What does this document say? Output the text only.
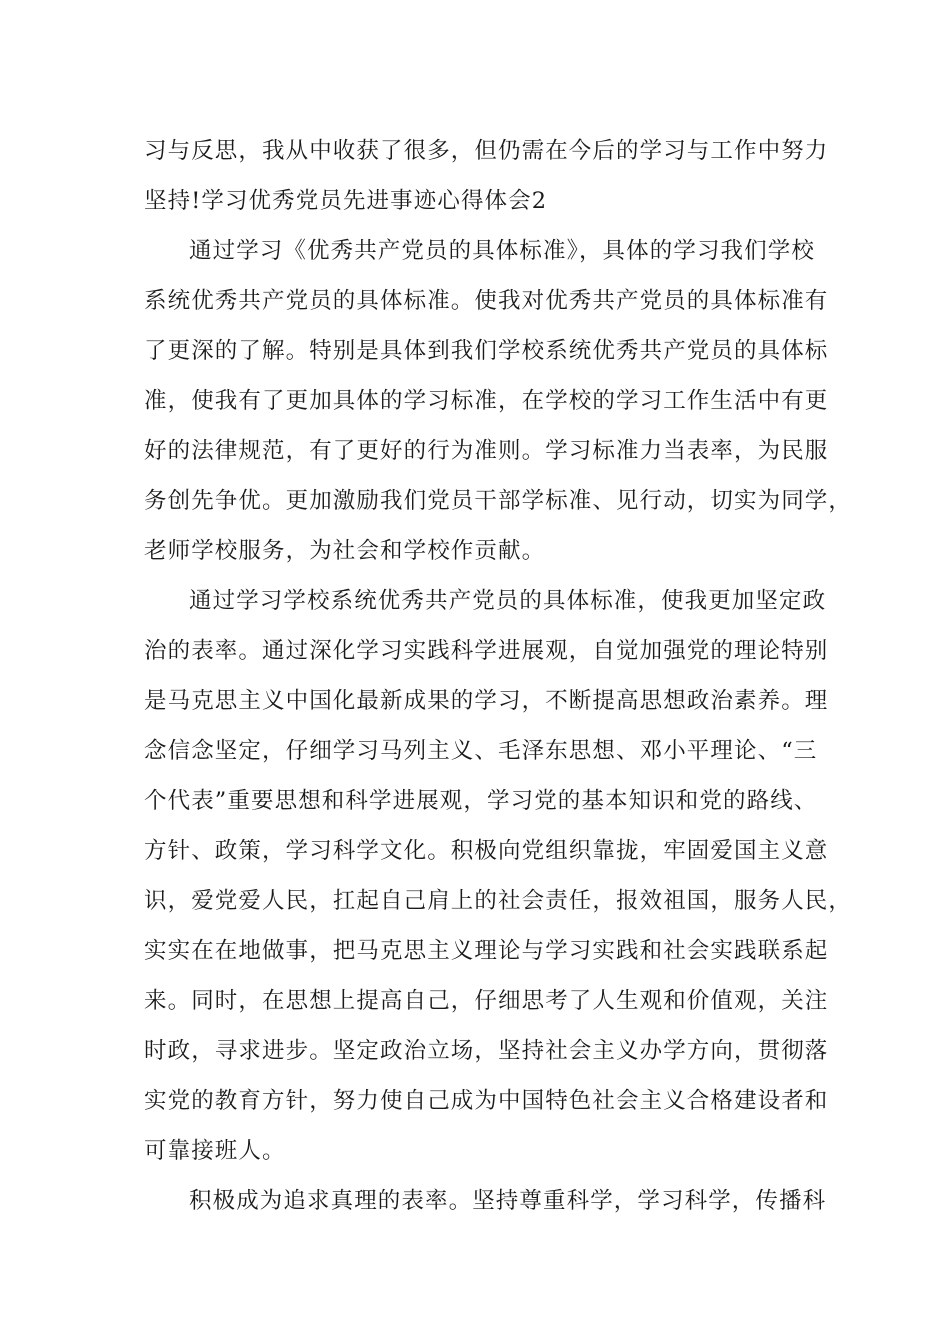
习与反思，我从中收获了很多，但仍需在今后的学习与工作中努力
坚持!学习优秀党员先进事迹心得体会2
通过学习《优秀共产党员的具体标准》，具体的学习我们学校
系统优秀共产党员的具体标准。使我对优秀共产党员的具体标准有
了更深的了解。特别是具体到我们学校系统优秀共产党员的具体标
准，使我有了更加具体的学习标准，在学校的学习工作生活中有更
好的法律规范，有了更好的行为准则。学习标准力当表率，为民服
务创先争优。更加激励我们党员干部学标准、见行动，切实为同学，
老师学校服务，为社会和学校作贡献。
通过学习学校系统优秀共产党员的具体标准，使我更加坚定政
治的表率。通过深化学习实践科学进展观，自觉加强党的理论特别
是马克思主义中国化最新成果的学习，不断提高思想政治素养。理
念信念坚定，仔细学习马列主义、毛泽东思想、邓小平理论、“三
个代表”重要思想和科学进展观，学习党的基本知识和党的路线、
方针、政策，学习科学文化。积极向党组织靠拢，牢固爱国主义意
识，爱党爱人民，扛起自己肩上的社会责任，报效祖国，服务人民，
实实在在地做事，把马克思主义理论与学习实践和社会实践联系起
来。同时，在思想上提高自己，仔细思考了人生观和价值观，关注
时政，寻求进步。坚定政治立场，坚持社会主义办学方向，贯彻落
实党的教育方针，努力使自己成为中国特色社会主义合格建设者和
可靠接班人。
积极成为追求真理的表率。坚持尊重科学，学习科学，传播科
